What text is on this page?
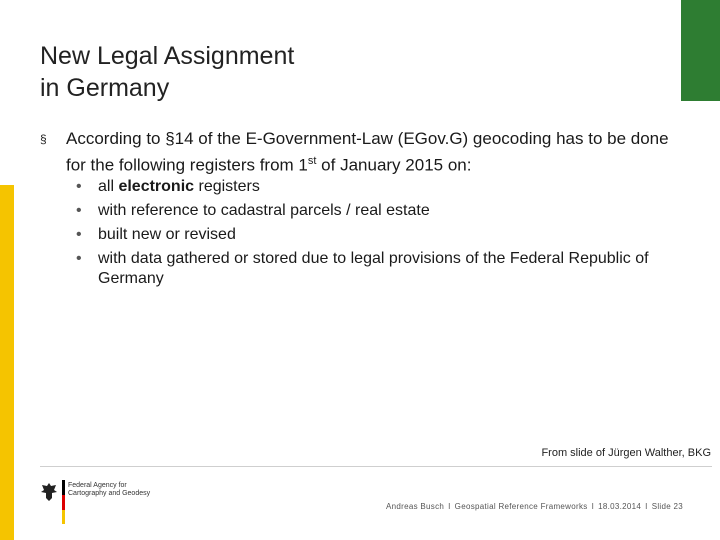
New Legal Assignment
in Germany
§ According to §14 of the E-Government-Law (EGov.G) geocoding has to be done for the following registers from 1st of January 2015 on:
• all electronic registers
• with reference to cadastral parcels / real estate
• built new or revised
• with data gathered or stored due to legal provisions of the Federal Republic of Germany
From slide of Jürgen Walther, BKG
Federal Agency for
Cartography and Geodesy
Andreas Busch I Geospatial Reference Frameworks I 18.03.2014 I Slide 23
